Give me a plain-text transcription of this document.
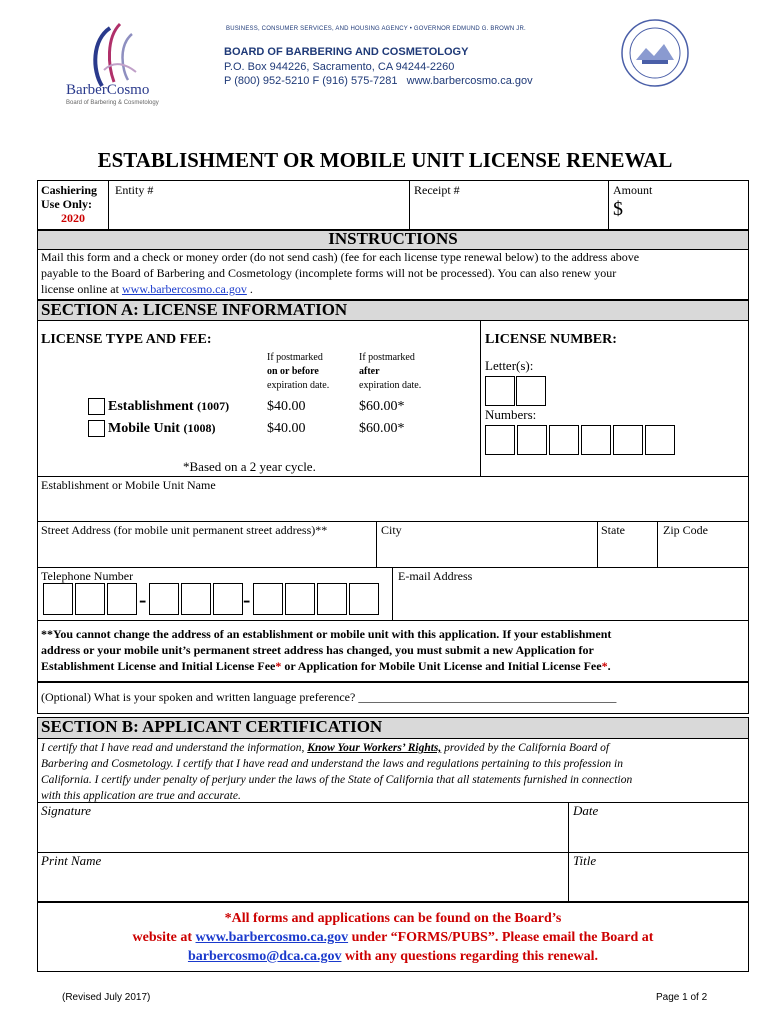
BarberCosmo
Board of Barbering & Cosmetology
BUSINESS, CONSUMER SERVICES, AND HOUSING AGENCY • GOVERNOR EDMUND G. BROWN JR.
BOARD OF BARBERING AND COSMETOLOGY
P.O. Box 944226, Sacramento, CA 94244-2260
P (800) 952-5210 F (916) 575-7281 www.barbercosmo.ca.gov
ESTABLISHMENT OR MOBILE UNIT LICENSE RENEWAL
Cashiering
Use Only:
2020
Entity #	Receipt #	Amount
$
INSTRUCTIONS
Mail this form and a check or money order (do not send cash) (fee for each license type renewal below) to the address above
payable to the Board of Barbering and Cosmetology (incomplete forms will not be processed). You can also renew your
license online at www.barbercosmo.ca.gov .
SECTION A: LICENSE INFORMATION
LICENSE TYPE AND FEE:
If postmarked
on or before
expiration date.
If postmarked
after
expiration date.
Establishment (1007)	$40.00	$60.00*
Mobile Unit (1008)	$40.00	$60.00*
*Based on a 2 year cycle.
LICENSE NUMBER:
Letter(s):
Numbers:
Establishment or Mobile Unit Name
Street Address (for mobile unit permanent street address)**	City	State	Zip Code
Telephone Number	E-mail Address
-	-
**You cannot change the address of an establishment or mobile unit with this application. If your establishment
address or your mobile unit’s permanent street address has changed, you must submit a new Application for
Establishment License and Initial License Fee* or Application for Mobile Unit License and Initial License Fee*.
(Optional) What is your spoken and written language preference? ___________________________________________
SECTION B: APPLICANT CERTIFICATION
I certify that I have read and understand the information, Know Your Workers’ Rights, provided by the California Board of
Barbering and Cosmetology. I certify that I have read and understand the laws and regulations pertaining to this profession in
California. I certify under penalty of perjury under the laws of the State of California that all statements furnished in connection
with this application are true and accurate.
Signature	Date
Print Name	Title
*All forms and applications can be found on the Board’s
website at www.barbercosmo.ca.gov under “FORMS/PUBS”. Please email the Board at
barbercosmo@dca.ca.gov with any questions regarding this renewal.
(Revised July 2017)	Page 1 of 2
